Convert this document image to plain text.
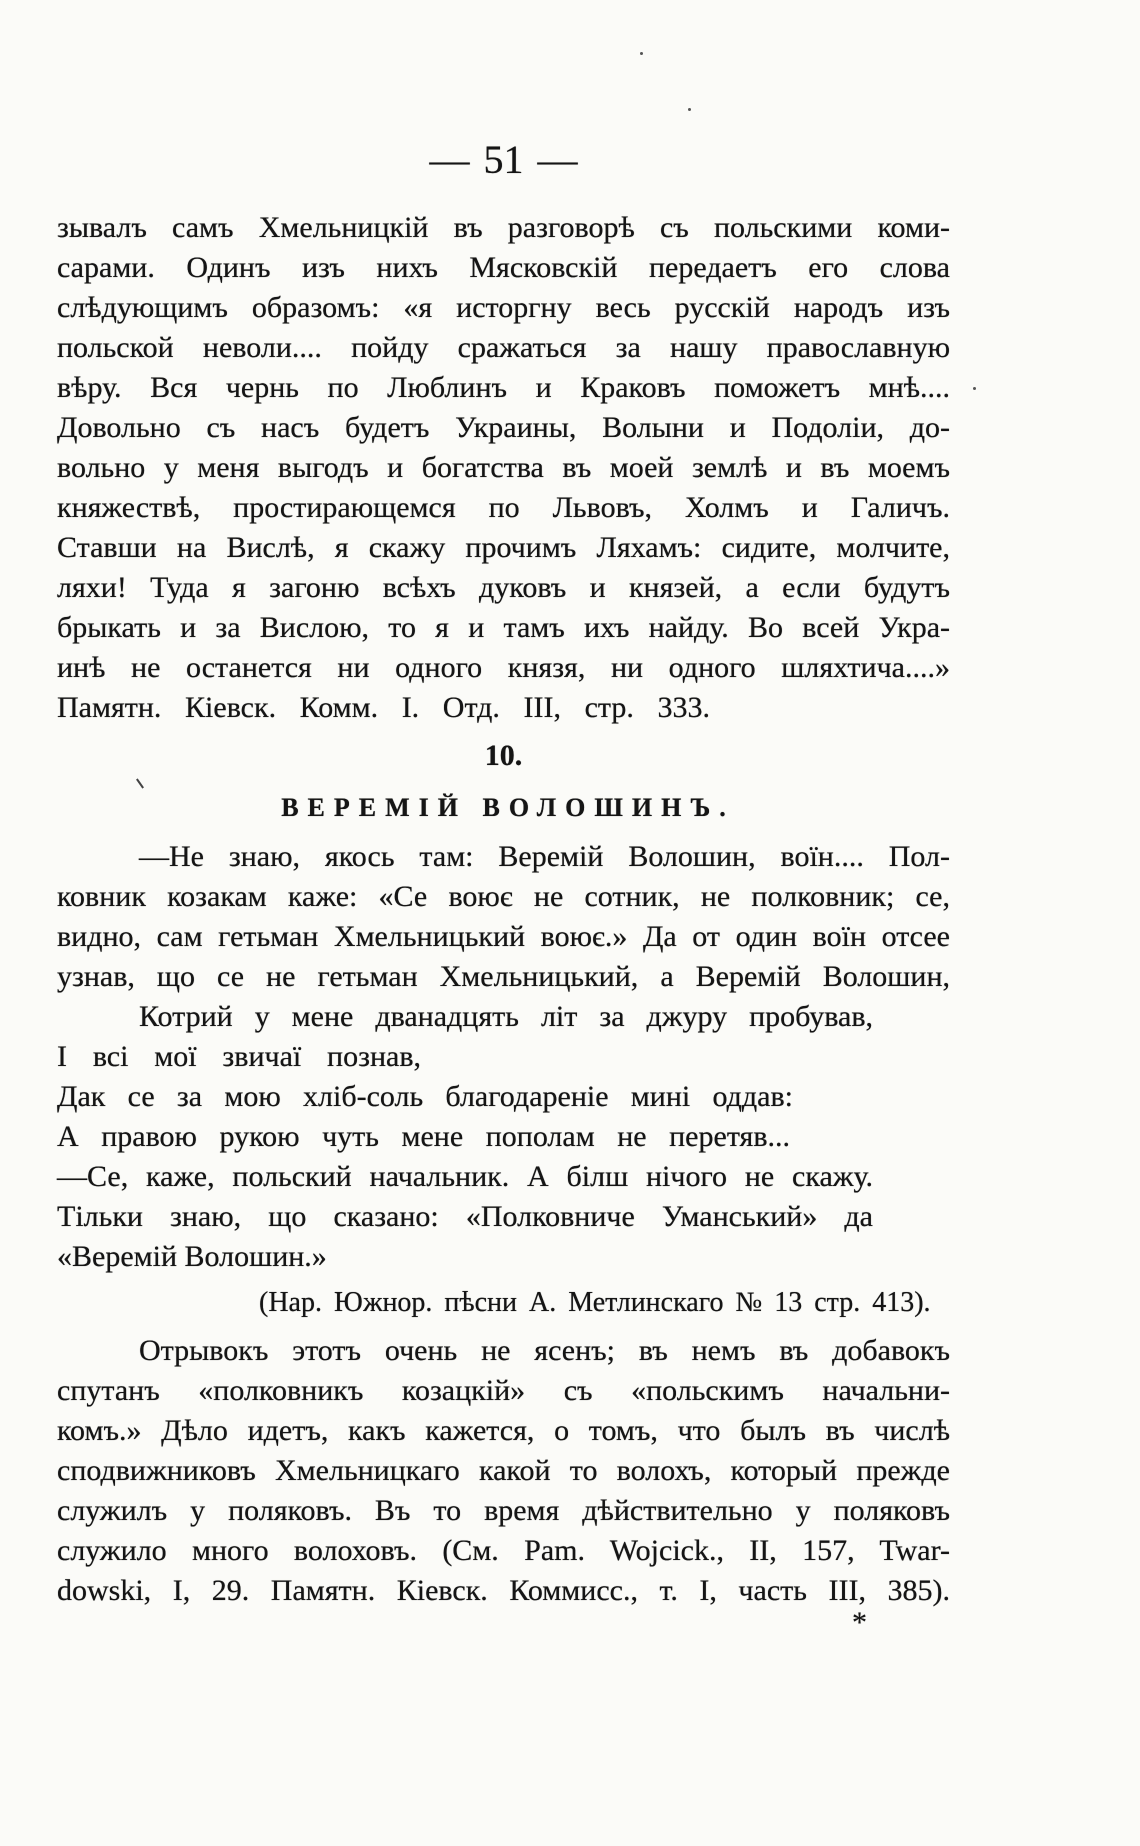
— 51 —
зывалъ самъ Хмельницкій въ разговорѣ съ польскими коми-
сарами. Одинъ изъ нихъ Мясковскій передаетъ его слова
слѣдующимъ образомъ: «я исторгну весь русскій народъ изъ
польской неволи.... пойду сражаться за нашу православную
вѣру. Вся чернь по Люблинъ и Краковъ поможетъ мнѣ....
Довольно съ насъ будетъ Украины, Волыни и Подоліи, до-
вольно у меня выгодъ и богатства въ моей землѣ и въ моемъ
княжествѣ, простирающемся по Львовъ, Холмъ и Галичъ.
Ставши на Вислѣ, я скажу прочимъ Ляхамъ: сидите, молчите,
ляхи! Туда я загоню всѣхъ дуковъ и князей, а если будутъ
брыкать и за Вислою, то я и тамъ ихъ найду. Во всей Укра-
инѣ не останется ни одного князя, ни одного шляхтича....»
Памятн. Кіевск. Комм. I. Отд. III, стр. 333.
10.
ВЕРЕМІЙ ВОЛОШИНЪ.
—Не знаю, якось там: Веремій Волошин, воїн.... Пол-
ковник козакам каже: «Се воює не сотник, не полковник; се,
видно, сам гетьман Хмельницький воює.» Да от один воїн отсее
узнав, що се не гетьман Хмельницький, а Веремій Волошин,
Котрий у мене дванадцять літ за джуру пробував,
І всі мої звичаї познав,
Дак се за мою хліб-соль благодареніе мині оддав:
А правою рукою чуть мене пополам не перетяв...
—Се, каже, польский начальник. А білш нічого не скажу.
Тільки знаю, що сказано: «Полковниче Уманський» да
«Веремій Волошин.»
(Нар. Южнор. пѣсни А. Метлинскаго № 13 стр. 413).
Отрывокъ этотъ очень не ясенъ; въ немъ въ добавокъ
спутанъ «полковникъ козацкій» съ «польскимъ начальни-
комъ.» Дѣло идетъ, какъ кажется, о томъ, что былъ въ числѣ
сподвижниковъ Хмельницкаго какой то волохъ, который прежде
служилъ у поляковъ. Въ то время дѣйствительно у поляковъ
служило много волоховъ. (См. Pam. Wojcick., II, 157, Twar-
dowski, I, 29. Памятн. Кіевск. Коммисс., т. I, часть III, 385).
*
